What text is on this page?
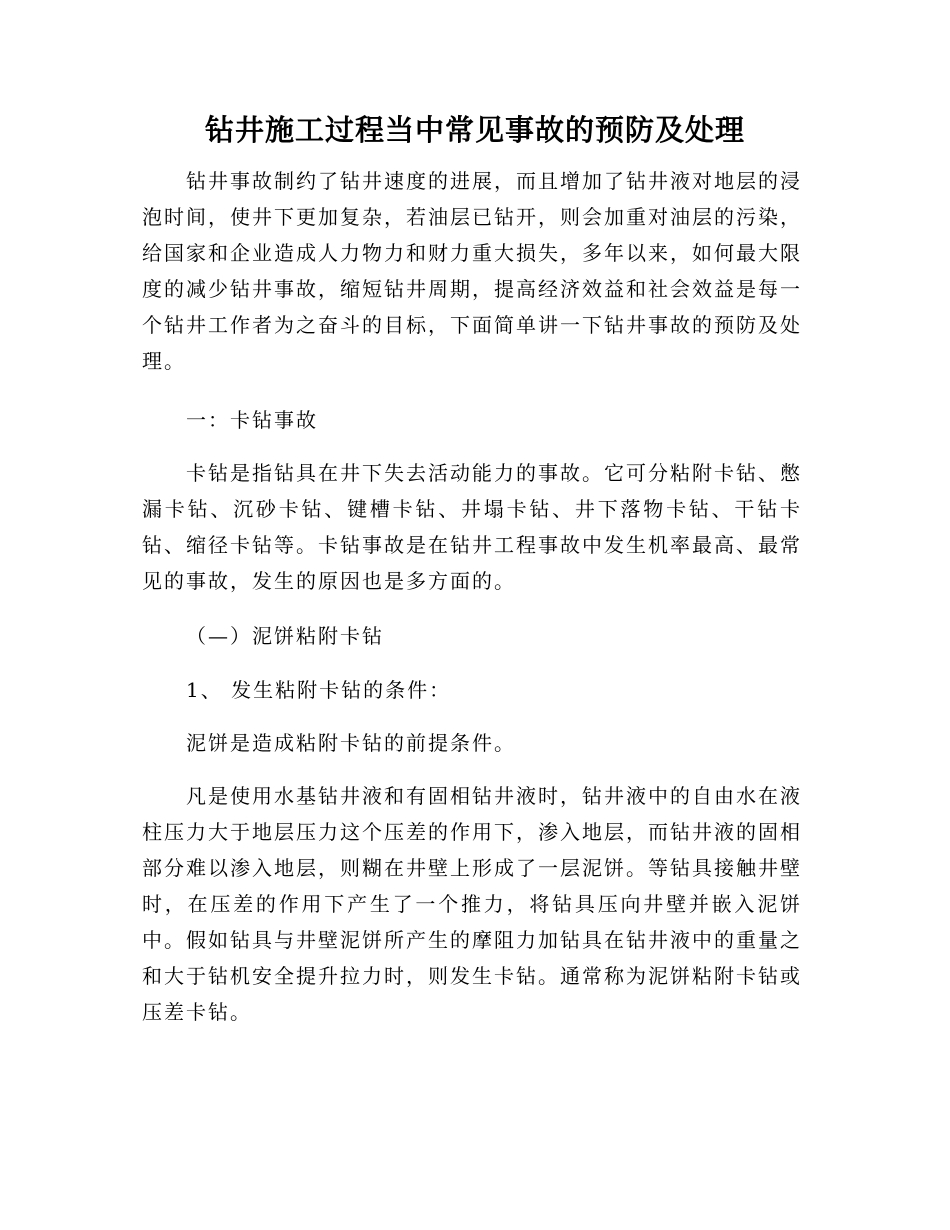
钻井施工过程当中常见事故的预防及处理
钻井事故制约了钻井速度的进展，而且增加了钻井液对地层的浸泡时间，使井下更加复杂，若油层已钻开，则会加重对油层的污染，给国家和企业造成人力物力和财力重大损失，多年以来，如何最大限度的减少钻井事故，缩短钻井周期，提高经济效益和社会效益是每一个钻井工作者为之奋斗的目标，下面简单讲一下钻井事故的预防及处理。
一：卡钻事故
卡钻是指钻具在井下失去活动能力的事故。它可分粘附卡钻、憋漏卡钻、沉砂卡钻、键槽卡钻、井塌卡钻、井下落物卡钻、干钻卡钻、缩径卡钻等。卡钻事故是在钻井工程事故中发生机率最高、最常见的事故，发生的原因也是多方面的。
（—）泥饼粘附卡钻
1、 发生粘附卡钻的条件：
泥饼是造成粘附卡钻的前提条件。
凡是使用水基钻井液和有固相钻井液时，钻井液中的自由水在液柱压力大于地层压力这个压差的作用下，渗入地层，而钻井液的固相部分难以渗入地层，则糊在井壁上形成了一层泥饼。等钻具接触井壁时，在压差的作用下产生了一个推力，将钻具压向井壁并嵌入泥饼中。假如钻具与井壁泥饼所产生的摩阻力加钻具在钻井液中的重量之和大于钻机安全提升拉力时，则发生卡钻。通常称为泥饼粘附卡钻或压差卡钻。
